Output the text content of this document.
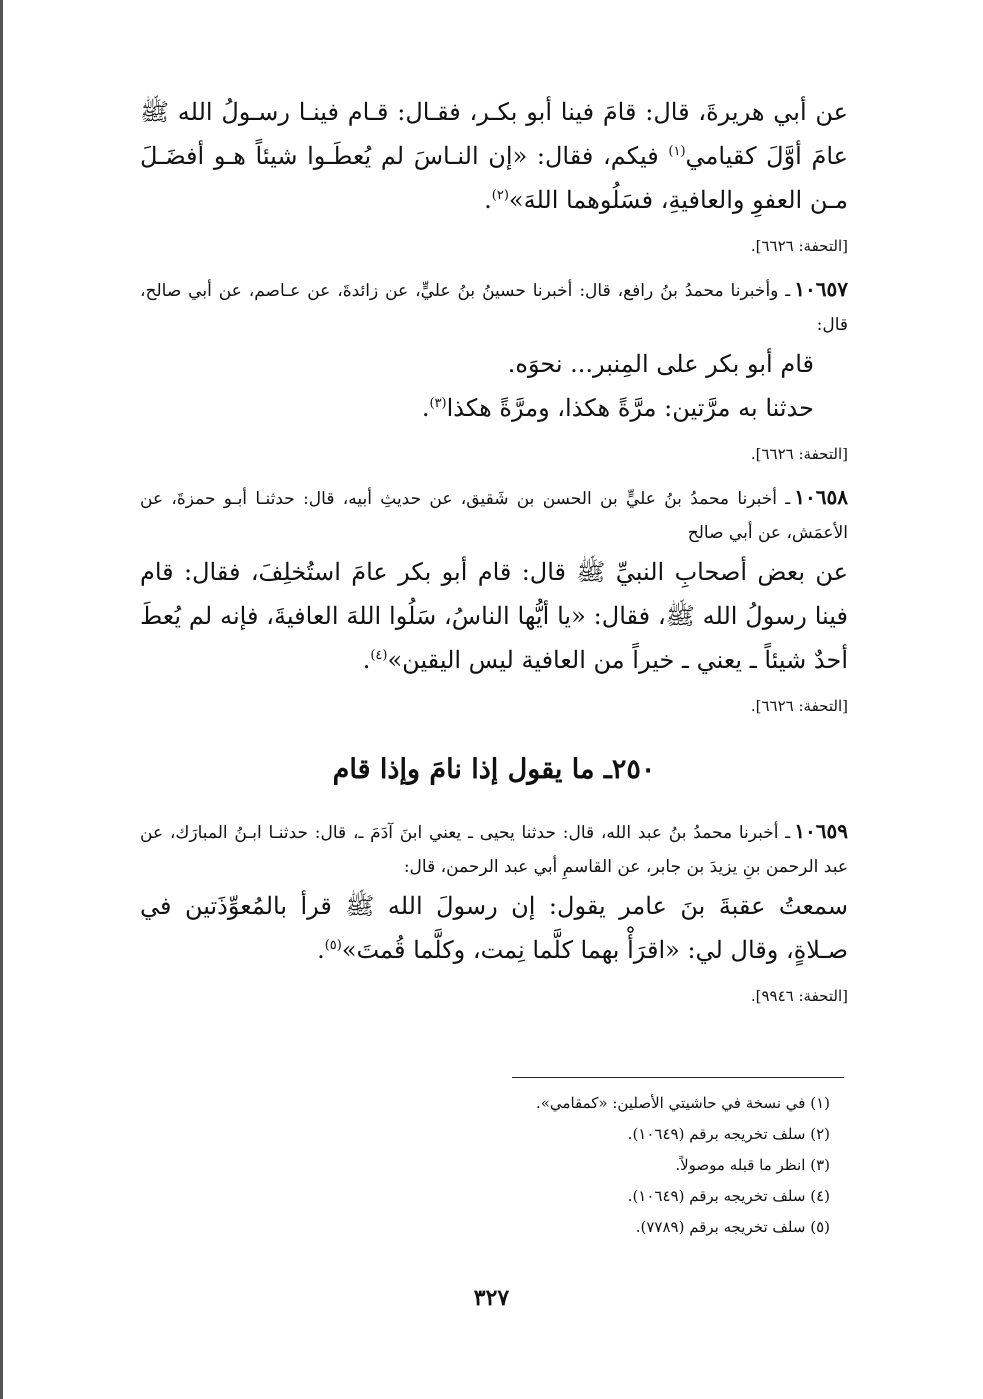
عن أبي هريرةَ، قال: قامَ فينا أبو بكـر، فقـال: قـام فينـا رسـولُ الله ﷺ عامَ أوَّلَ كقيامي$^{(١)}$ فيكم، فقال: «إن النـاسَ لم يُعطَـوا شيئاً هـو أفضَـلَ مـن العفوِ والعافيةِ، فسَلُوهما اللهَ»$^{(٢)}$.

[التحفة: ٦٦٢٦].

١٠٦٥٧ـ وأخبرنا محمدُ بنُ رافع، قال: أخبرنا حسينُ بنُ عليٍّ، عن زائدةَ، عن عـاصم، عن أبي صالح، قال:

قام أبو بكر على المِنبر... نحوَه.

حدثنا به مرَّتين: مرَّةً هكذا، ومرَّةً هكذا$^{(٣)}$.

[التحفة: ٦٦٢٦].

١٠٦٥٨ـ أخبرنا محمدُ بنُ عليٍّ بن الحسن بن شَقيق، عن حديثِ أبيه، قال: حدثنـا أبـو حمزةَ، عن الأعمَش، عن أبي صالح

عن بعض أصحابِ النبيِّ ﷺ قال: قام أبو بكر عامَ استُخلِفَ، فقال: قام فينا رسولُ الله ﷺ، فقال: «يا أيُّها الناسُ، سَلُوا اللهَ العافيةَ، فإنه لم يُعطَ أحدٌ شيئاً ـ يعني ـ خيراً من العافية ليس اليقين»$^{(٤)}$.

[التحفة: ٦٦٢٦].

٢٥٠ـ ما يقول إذا نامَ وإذا قام

١٠٦٥٩ـ أخبرنا محمدُ بنُ عبد الله، قال: حدثنا يحيى ـ يعني ابنَ آدَمَ ـ، قال: حدثنـا ابـنُ المبارَك، عن عبد الرحمن بنِ يزيدَ بن جابر، عن القاسمِ أبي عبد الرحمن، قال:

سمعتُ عقبةَ بنَ عامر يقول: إن رسولَ الله ﷺ قرأ بالمُعوِّذَتين في صـلاةٍ، وقال لي: «اقرَأْ بهما كلَّما نِمت، وكلَّما قُمتَ»$^{(٥)}$.

[التحفة: ٩٩٤٦].

(١) في نسخة في حاشيتي الأصلين: «كمقامي».
(٢) سلف تخريجه برقم (١٠٦٤٩).
(٣) انظر ما قبله موصولاً.
(٤) سلف تخريجه برقم (١٠٦٤٩).
(٥) سلف تخريجه برقم (٧٧٨٩).
٣٢٧
